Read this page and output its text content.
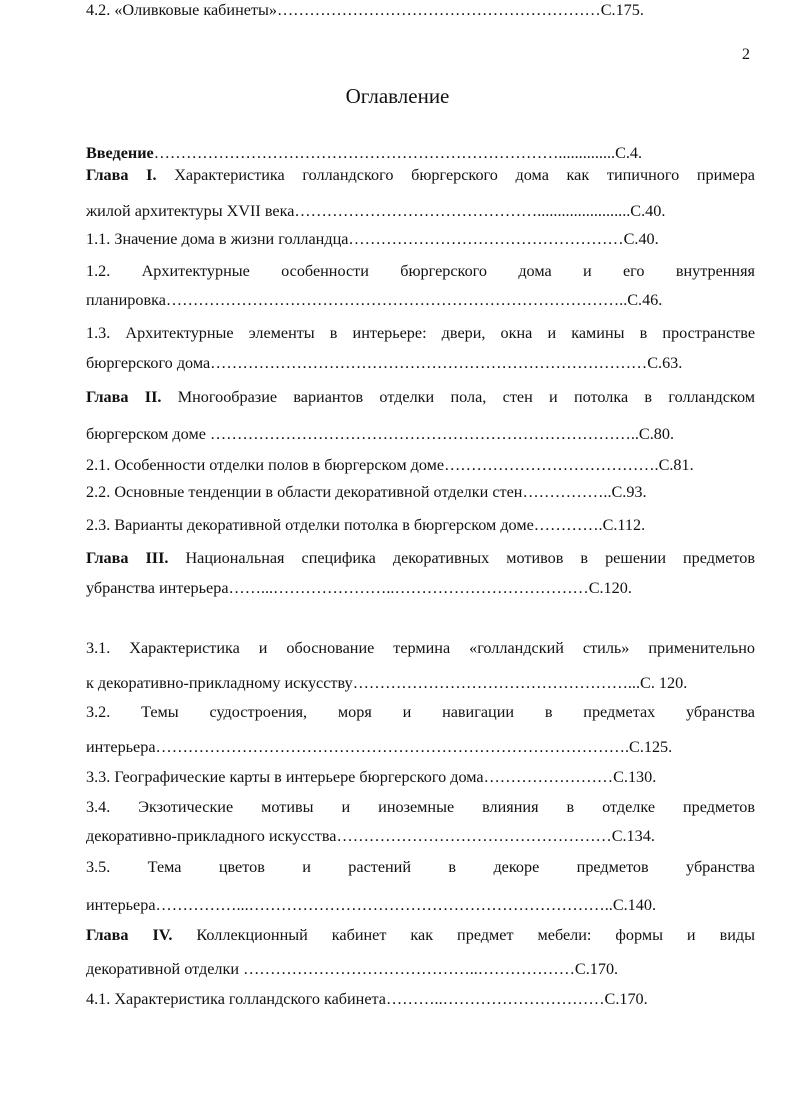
2
Оглавление
Введение…………………………………………………………………..............С.4.
Глава I. Характеристика голландского бюргерского дома как типичного примера
жилой архитектуры XVII века……………………………………….......................С.40.
1.1. Значение дома в жизни голландца……………………………………………С.40.
1.2. Архитектурные особенности бюргерского дома и его внутренняя
планировка…………………………………………………………………………..С.46.
1.3. Архитектурные элементы в интерьере: двери, окна и камины в пространстве
бюргерского дома………………………………………………………………………С.63.
Глава II. Многообразие вариантов отделки пола, стен и потолка в голландском
бюргерском доме ……………………………………………………………………..С.80.
2.1. Особенности отделки полов в бюргерском доме………………………………….С.81.
2.2. Основные тенденции в области декоративной отделки стен……………..С.93.
2.3. Варианты декоративной отделки потолка в бюргерском доме………….С.112.
Глава III. Национальная специфика декоративных мотивов в решении предметов
убранства интерьера……...…………………..………………………………С.120.
3.1. Характеристика и обоснование термина «голландский стиль» применительно
к декоративно-прикладному искусству……………………………………………...С. 120.
3.2. Темы судостроения, моря и навигации в предметах убранства
интерьера…………………………………………………………………………….С.125.
3.3. Географические карты в интерьере бюргерского дома……………………С.130.
3.4. Экзотические мотивы и иноземные влияния в отделке предметов
декоративно-прикладного искусства……………………………………………С.134.
3.5. Тема цветов и растений в декоре предметов убранства
интерьера……………...…………………………………………………………..С.140.
Глава IV. Коллекционный кабинет как предмет мебели: формы и виды
декоративной отделки ……………………………………..………………С.170.
4.1. Характеристика голландского кабинета………..…………………………С.170.
4.2. «Оливковые кабинеты»……………………………………………………С.175.
